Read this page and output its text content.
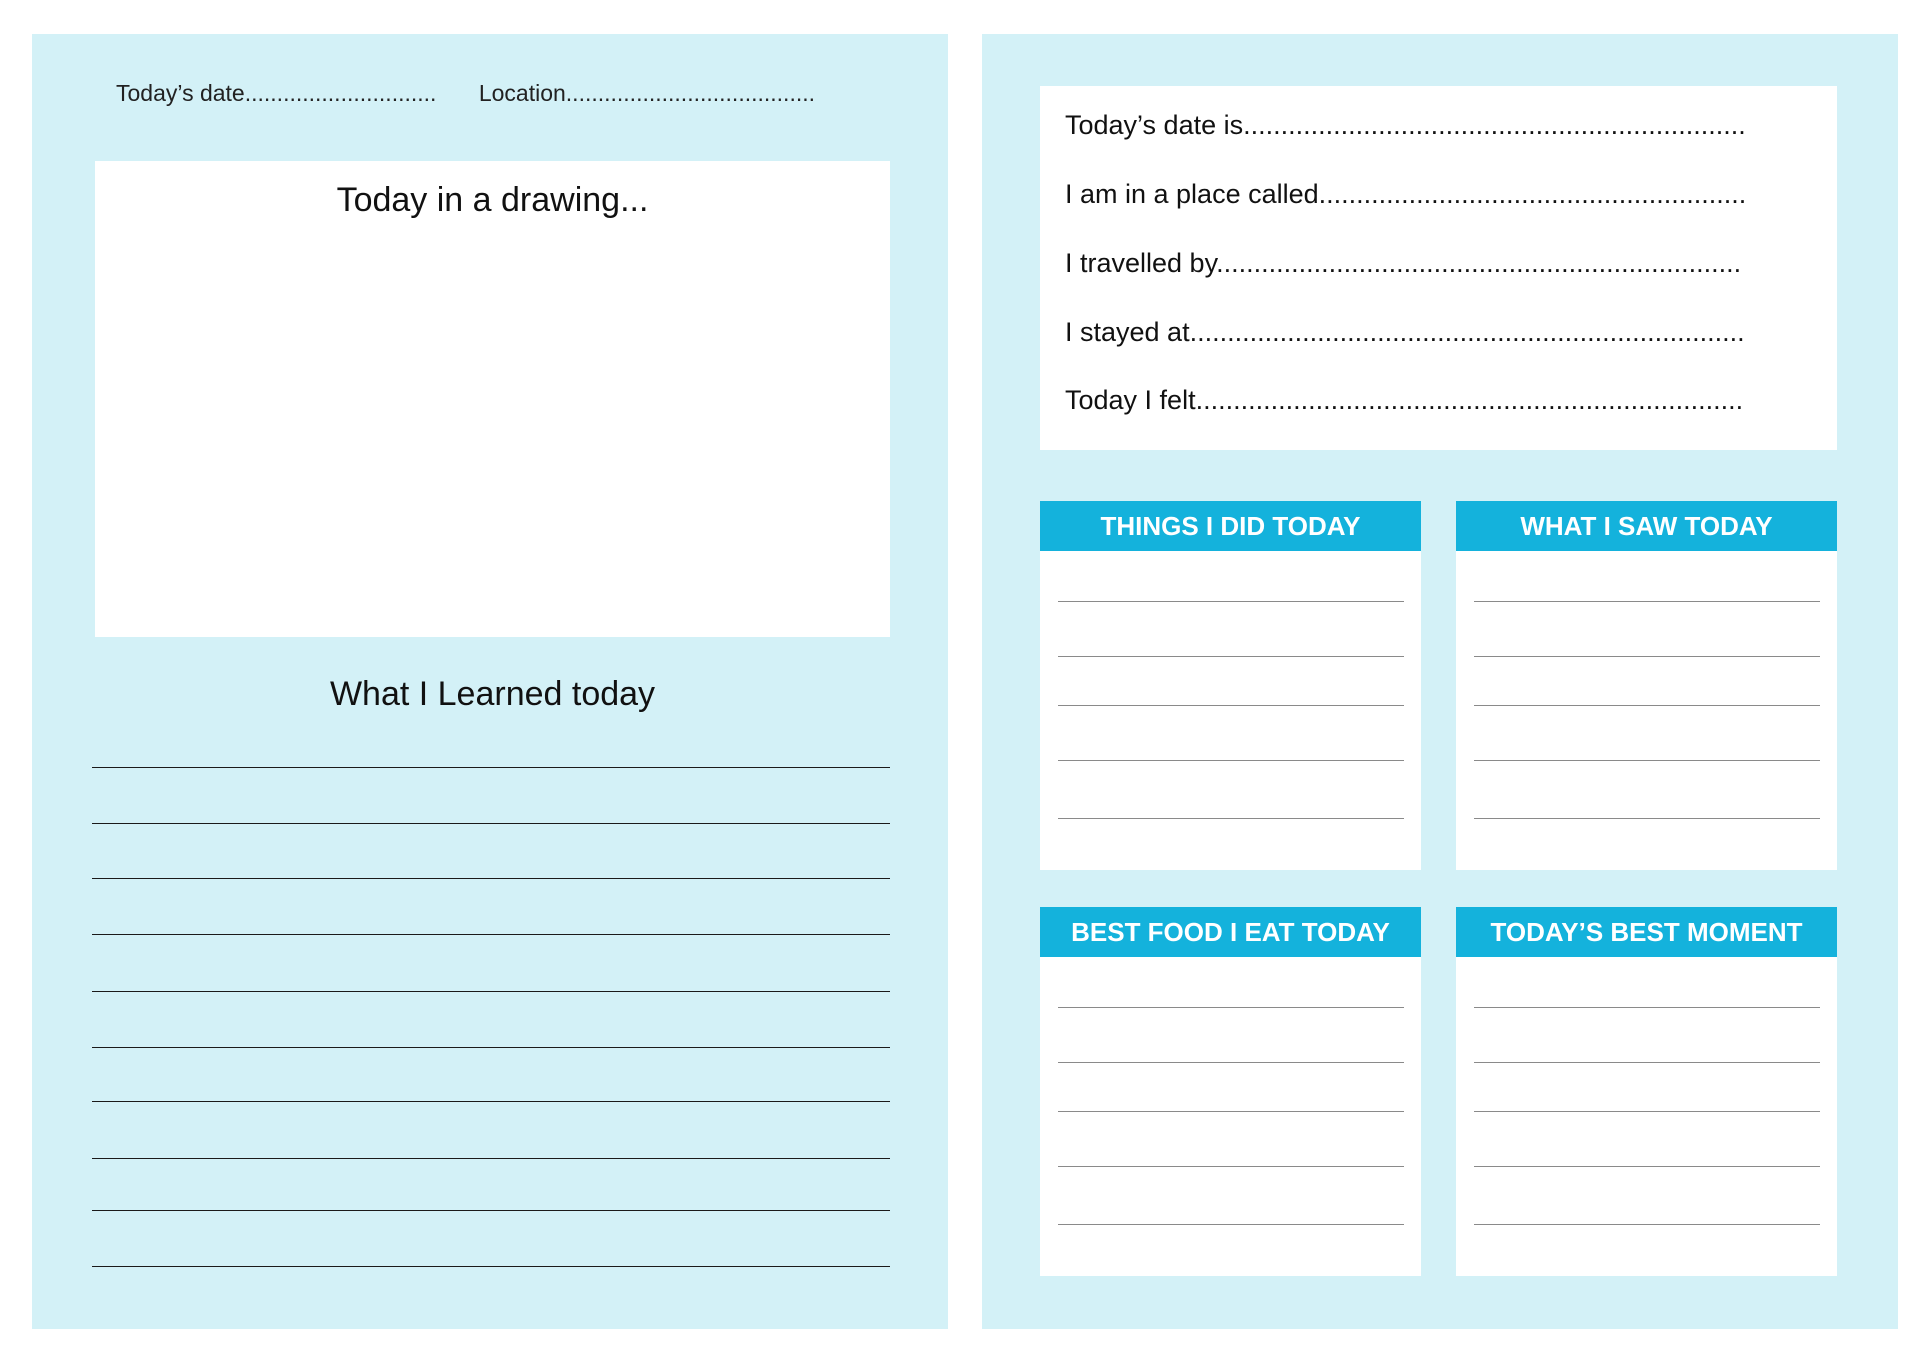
Today’s date.............................. Location.......................................
Today in a drawing...
What I Learned today
Today’s date is...................................................................
I am in a place called.........................................................
I travelled by......................................................................
I stayed at..........................................................................
Today I felt.........................................................................
THINGS I DID TODAY	WHAT I SAW TODAY
BEST FOOD I EAT TODAY	TODAY’S BEST MOMENT
